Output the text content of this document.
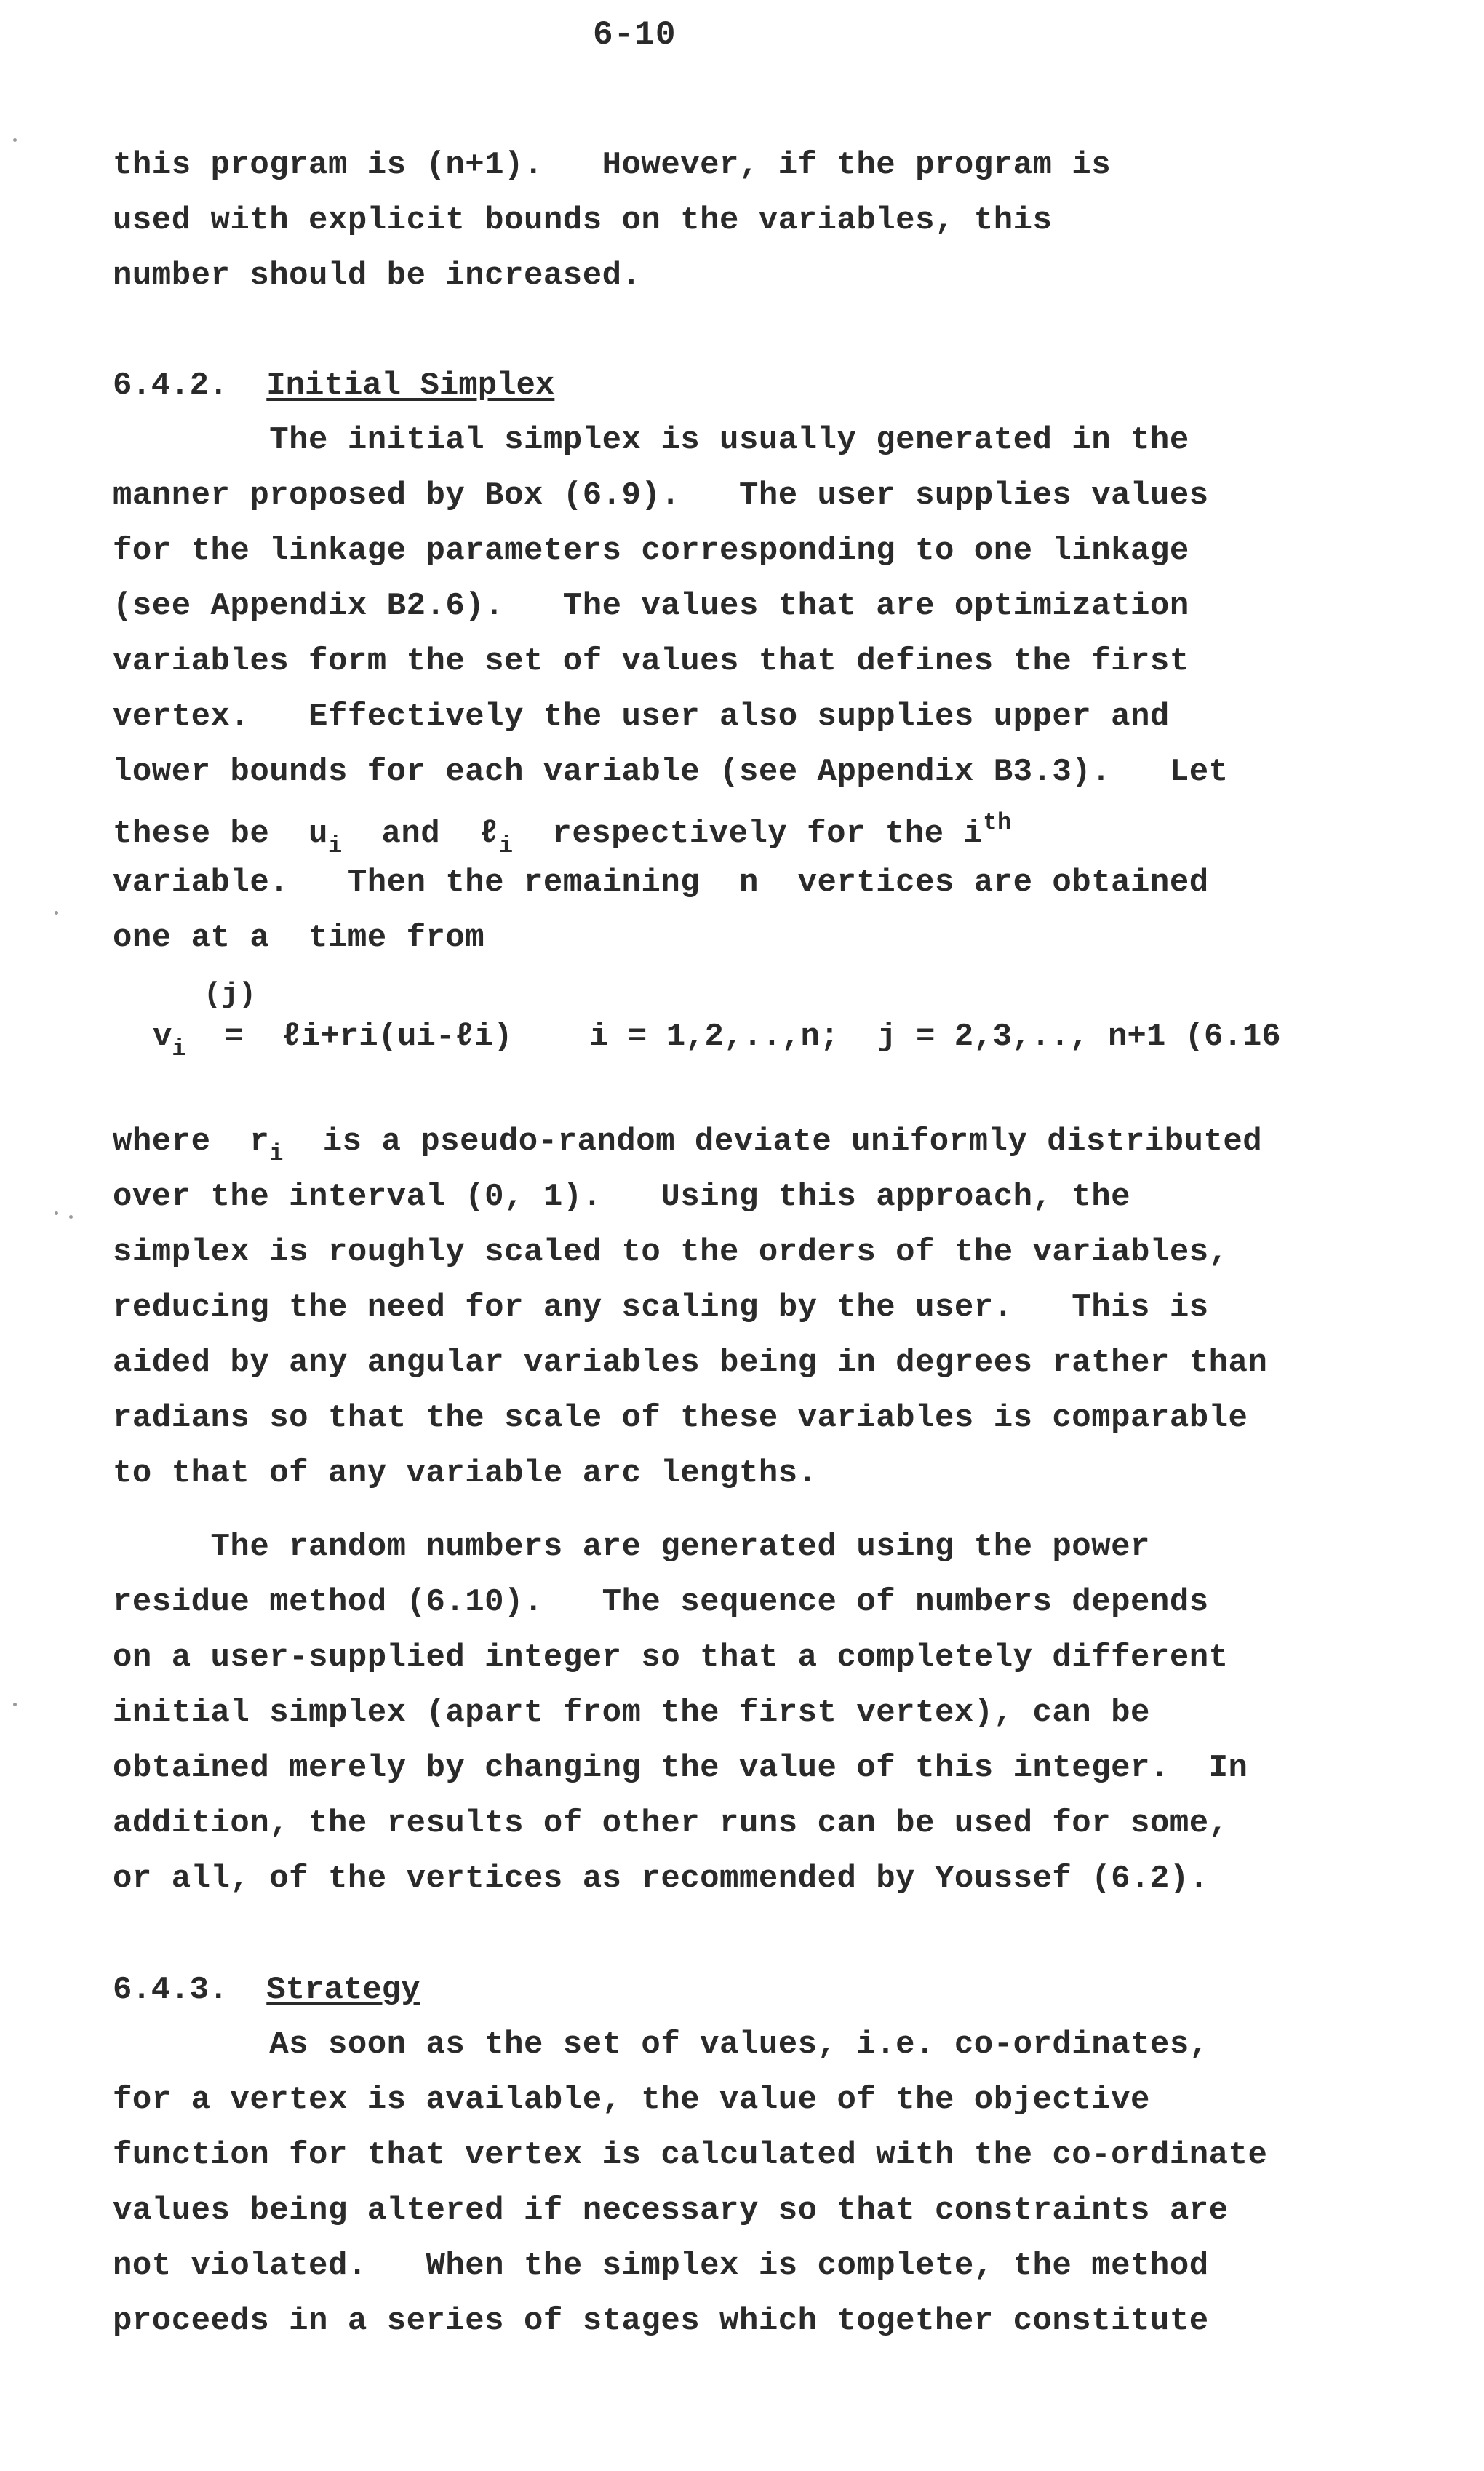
6-10
this program is (n+1).   However, if the program is
used with explicit bounds on the variables, this
number should be increased.
6.4.2. Initial Simplex
The initial simplex is usually generated in the
manner proposed by Box (6.9).   The user supplies values
for the linkage parameters corresponding to one linkage
(see Appendix B2.6).   The values that are optimization
variables form the set of values that defines the first
vertex.   Effectively the user also supplies upper and
lower bounds for each variable (see Appendix B3.3).   Let
these be  $u_i$  and  ℓ$_i$  respectively for the $i^{th}$
variable.   Then the remaining  n  vertices are obtained
one at a  time from
(j)
$v_i$  =  ℓi+ri(ui-ℓi)    i = 1,2,..,n;  j = 2,3,.., n+1 (6.16
where  $r_i$  is a pseudo-random deviate uniformly distributed
over the interval (0, 1).   Using this approach, the
simplex is roughly scaled to the orders of the variables,
reducing the need for any scaling by the user.   This is
aided by any angular variables being in degrees rather than
radians so that the scale of these variables is comparable
to that of any variable arc lengths.
The random numbers are generated using the power
residue method (6.10).   The sequence of numbers depends
on a user-supplied integer so that a completely different
initial simplex (apart from the first vertex), can be
obtained merely by changing the value of this integer.  In
addition, the results of other runs can be used for some,
or all, of the vertices as recommended by Youssef (6.2).
6.4.3. Strategy
As soon as the set of values, i.e. co-ordinates,
for a vertex is available, the value of the objective
function for that vertex is calculated with the co-ordinate
values being altered if necessary so that constraints are
not violated.   When the simplex is complete, the method
proceeds in a series of stages which together constitute
